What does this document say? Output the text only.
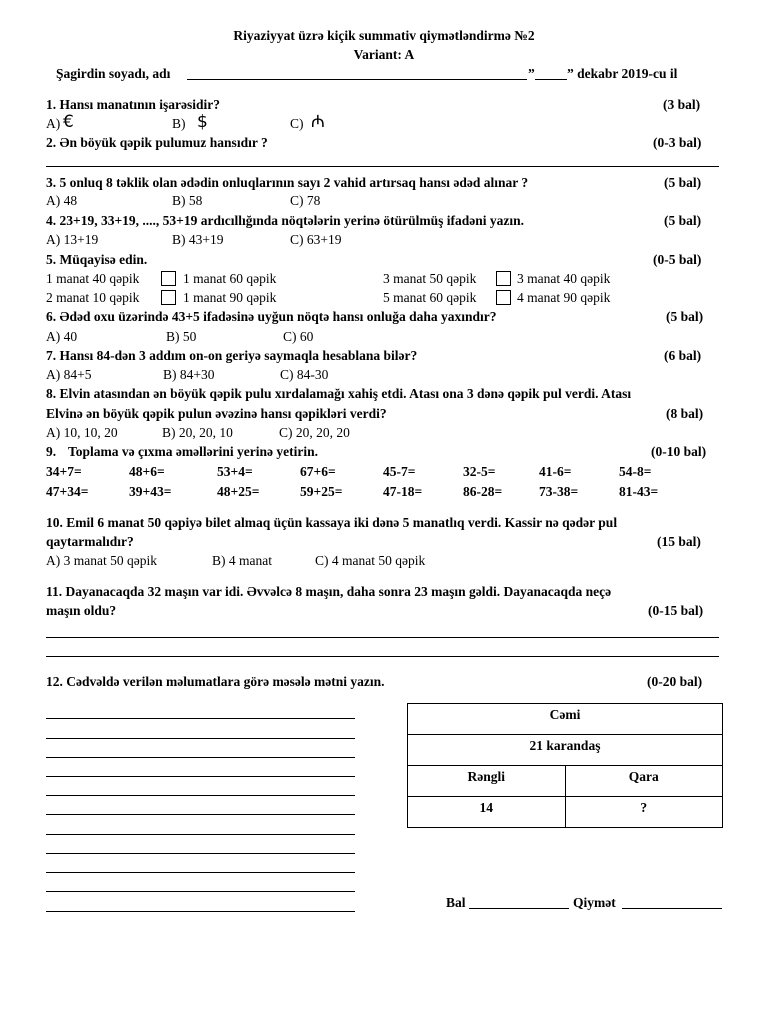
Riyaziyyat üzrə kiçik summativ qiymətləndirmə №2
Variant: A
Şagirdin soyadı, adı	” ” dekabr 2019-cu il
1. Hansı manatının işarəsidir?	(3 bal)
A) €	B) $	C) ₼
2. Ən böyük qəpik pulumuz hansıdır ?	(0-3 bal)
3. 5 onluq 8 təklik olan ədədin onluqlarının sayı 2 vahid artırsaq hansı ədəd alınar ?	(5 bal)
A) 48	B) 58	C) 78
4. 23+19, 33+19, ...., 53+19 ardıcıllığında nöqtələrin yerinə ötürülmüş ifadəni yazın.	(5 bal)
A) 13+19	B) 43+19	C) 63+19
5. Müqayisə edin.	(0-5 bal)
1 manat 40 qəpik	1 manat 60 qəpik	3 manat 50 qəpik	3 manat 40 qəpik
2 manat 10 qəpik	1 manat 90 qəpik	5 manat 60 qəpik	4 manat 90 qəpik
6. Ədəd oxu üzərində 43+5 ifadəsinə uyğun nöqtə hansı onluğa daha yaxındır?	(5 bal)
A) 40	B) 50	C) 60
7. Hansı 84-dən 3 addım on-on geriyə saymaqla hesablana bilər?	(6 bal)
A) 84+5	B) 84+30	C) 84-30
8. Elvin atasından ən böyük qəpik pulu xırdalamağı xahiş etdi. Atası ona 3 dənə qəpik pul verdi. Atası
Elvinə ən böyük qəpik pulun əvəzinə hansı qəpikləri verdi?	(8 bal)
A) 10, 10, 20	B) 20, 20, 10	C) 20, 20, 20
9. Toplama və çıxma əməllərini yerinə yetirin.	(0-10 bal)
34+7=	48+6=	53+4=	67+6=	45-7=	32-5=	41-6=	54-8=
47+34=	39+43=	48+25=	59+25=	47-18=	86-28=	73-38=	81-43=
10. Emil 6 manat 50 qəpiyə bilet almaq üçün kassaya iki dənə 5 manatlıq verdi. Kassir nə qədər pul
qaytarmalıdır?	(15 bal)
A) 3 manat 50 qəpik	B) 4 manat	C) 4 manat 50 qəpik
11. Dayanacaqda 32 maşın var idi. Əvvəlcə 8 maşın, daha sonra 23 maşın gəldi. Dayanacaqda neçə
maşın oldu?	(0-15 bal)
12. Cədvəldə verilən məlumatlara görə məsələ mətni yazın.	(0-20 bal)
Cəmi	
21 karandaş	
Rəngli	Qara
14	?
Bal	Qiymət
